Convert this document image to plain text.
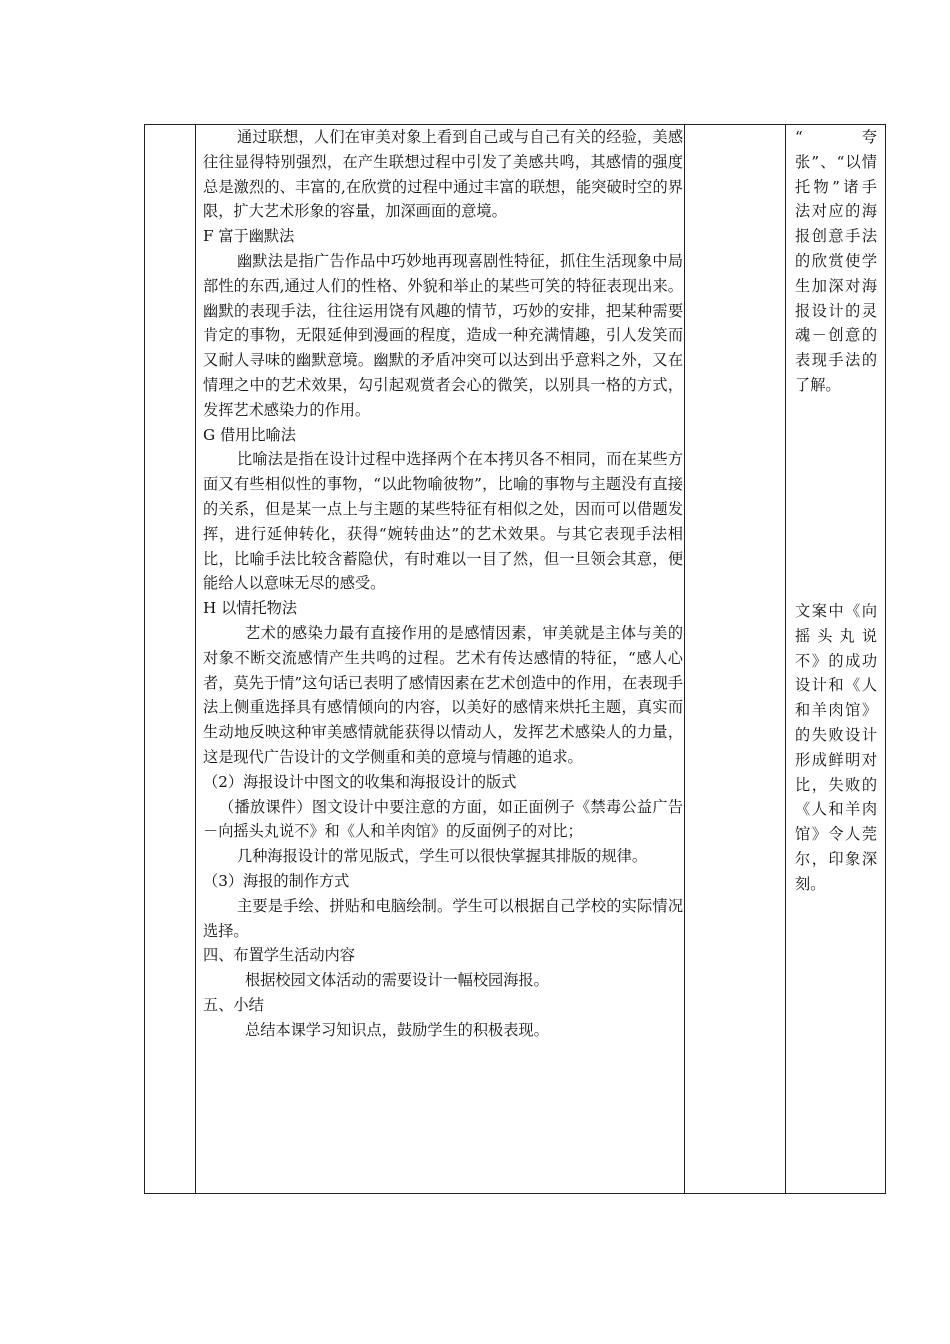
通过联想，人们在审美对象上看到自己或与自己有关的经验，美感往往显得特别强烈，在产生联想过程中引发了美感共鸣，其感情的强度总是激烈的、丰富的,在欣赏的过程中通过丰富的联想，能突破时空的界限，扩大艺术形象的容量，加深画面的意境。

F 富于幽默法

幽默法是指广告作品中巧妙地再现喜剧性特征，抓住生活现象中局部性的东西,通过人们的性格、外貌和举止的某些可笑的特征表现出来。幽默的表现手法，往往运用饶有风趣的情节，巧妙的安排，把某种需要肯定的事物，无限延伸到漫画的程度，造成一种充满情趣，引人发笑而又耐人寻味的幽默意境。幽默的矛盾冲突可以达到出乎意料之外，又在情理之中的艺术效果，勾引起观赏者会心的微笑，以别具一格的方式，发挥艺术感染力的作用。

G 借用比喻法

比喻法是指在设计过程中选择两个在本拷贝各不相同，而在某些方面又有些相似性的事物，“以此物喻彼物”，比喻的事物与主题没有直接的关系，但是某一点上与主题的某些特征有相似之处，因而可以借题发挥，进行延伸转化，获得“婉转曲达”的艺术效果。与其它表现手法相比，比喻手法比较含蓄隐伏，有时难以一目了然，但一旦领会其意，便能给人以意味无尽的感受。

H 以情托物法

艺术的感染力最有直接作用的是感情因素，审美就是主体与美的对象不断交流感情产生共鸣的过程。艺术有传达感情的特征，“感人心者，莫先于情”这句话已表明了感情因素在艺术创造中的作用，在表现手法上侧重选择具有感情倾向的内容，以美好的感情来烘托主题，真实而生动地反映这种审美感情就能获得以情动人，发挥艺术感染人的力量，这是现代广告设计的文学侧重和美的意境与情趣的追求。

（2）海报设计中图文的收集和海报设计的版式

（播放课件）图文设计中要注意的方面，如正面例子《禁毒公益广告－向摇头丸说不》和《人和羊肉馆》的反面例子的对比；

几种海报设计的常见版式，学生可以很快掌握其排版的规律。

（3）海报的制作方式

主要是手绘、拼贴和电脑绘制。学生可以根据自己学校的实际情况选择。

四、布置学生活动内容

根据校园文体活动的需要设计一幅校园海报。

五、小结

总结本课学习知识点，鼓励学生的积极表现。

“夸张”、“以情托物”诸手法对应的海报创意手法的欣赏使学生加深对海报设计的灵魂－创意的表现手法的了解。

文案中《向摇头丸说不》的成功设计和《人和羊肉馆》的失败设计形成鲜明对比，失败的《人和羊肉馆》令人莞尔，印象深刻。
